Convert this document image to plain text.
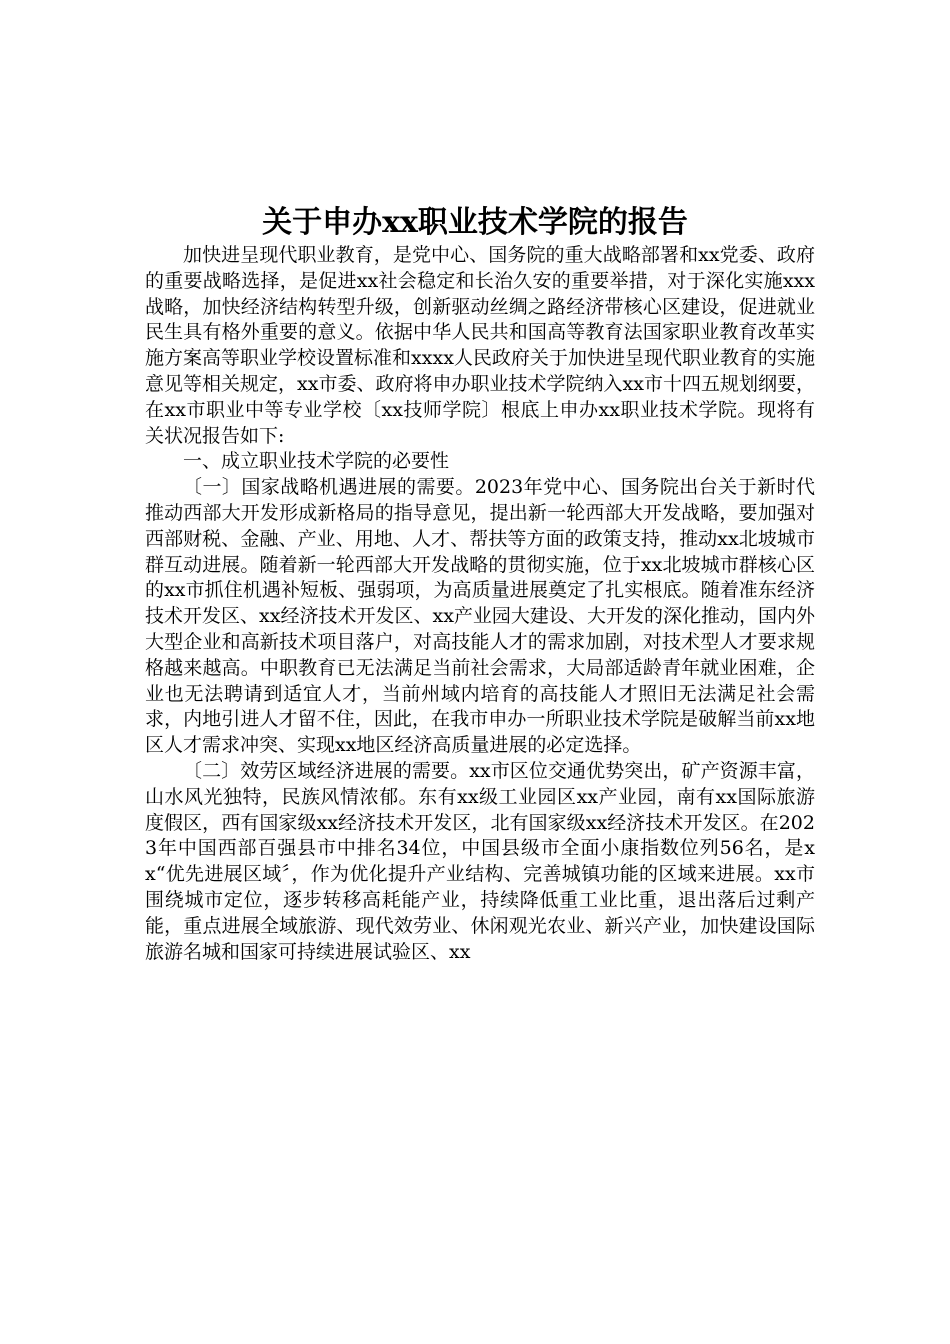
关于申办xx职业技术学院的报告

加快进呈现代职业教育，是党中心、国务院的重大战略部署和xx党委、政府的重要战略选择，是促进xx社会稳定和长治久安的重要举措，对于深化实施xxx战略，加快经济结构转型升级，创新驱动丝绸之路经济带核心区建设，促进就业民生具有格外重要的意义。依据中华人民共和国高等教育法国家职业教育改革实施方案高等职业学校设置标准和xxxx人民政府关于加快进呈现代职业教育的实施意见等相关规定，xx市委、政府将申办职业技术学院纳入xx市十四五规划纲要，在xx市职业中等专业学校〔xx技师学院〕根底上申办xx职业技术学院。现将有关状况报告如下:

一、成立职业技术学院的必要性

〔一〕国家战略机遇进展的需要。2023年党中心、国务院出台关于新时代推动西部大开发形成新格局的指导意见，提出新一轮西部大开发战略，要加强对西部财税、金融、产业、用地、人才、帮扶等方面的政策支持，推动xx北坡城市群互动进展。随着新一轮西部大开发战略的贯彻实施，位于xx北坡城市群核心区的xx市抓住机遇补短板、强弱项，为高质量进展奠定了扎实根底。随着准东经济技术开发区、xx经济技术开发区、xx产业园大建设、大开发的深化推动，国内外大型企业和高新技术项目落户，对高技能人才的需求加剧，对技术型人才要求规格越来越高。中职教育已无法满足当前社会需求，大局部适龄青年就业困难，企业也无法聘请到适宜人才，当前州域内培育的高技能人才照旧无法满足社会需求，内地引进人才留不住，因此，在我市申办一所职业技术学院是破解当前xx地区人才需求冲突、实现xx地区经济高质量进展的必定选择。

〔二〕效劳区域经济进展的需要。xx市区位交通优势突出，矿产资源丰富，山水风光独特，民族风情浓郁。东有xx级工业园区xx产业园，南有xx国际旅游度假区，西有国家级xx经济技术开发区，北有国家级xx经济技术开发区。在2023年中国西部百强县市中排名34位，中国县级市全面小康指数位列56名，是xx“优先进展区域〞，作为优化提升产业结构、完善城镇功能的区域来进展。xx市围绕城市定位，逐步转移高耗能产业，持续降低重工业比重，退出落后过剩产能，重点进展全域旅游、现代效劳业、休闲观光农业、新兴产业，加快建设国际旅游名城和国家可持续进展试验区、xx
